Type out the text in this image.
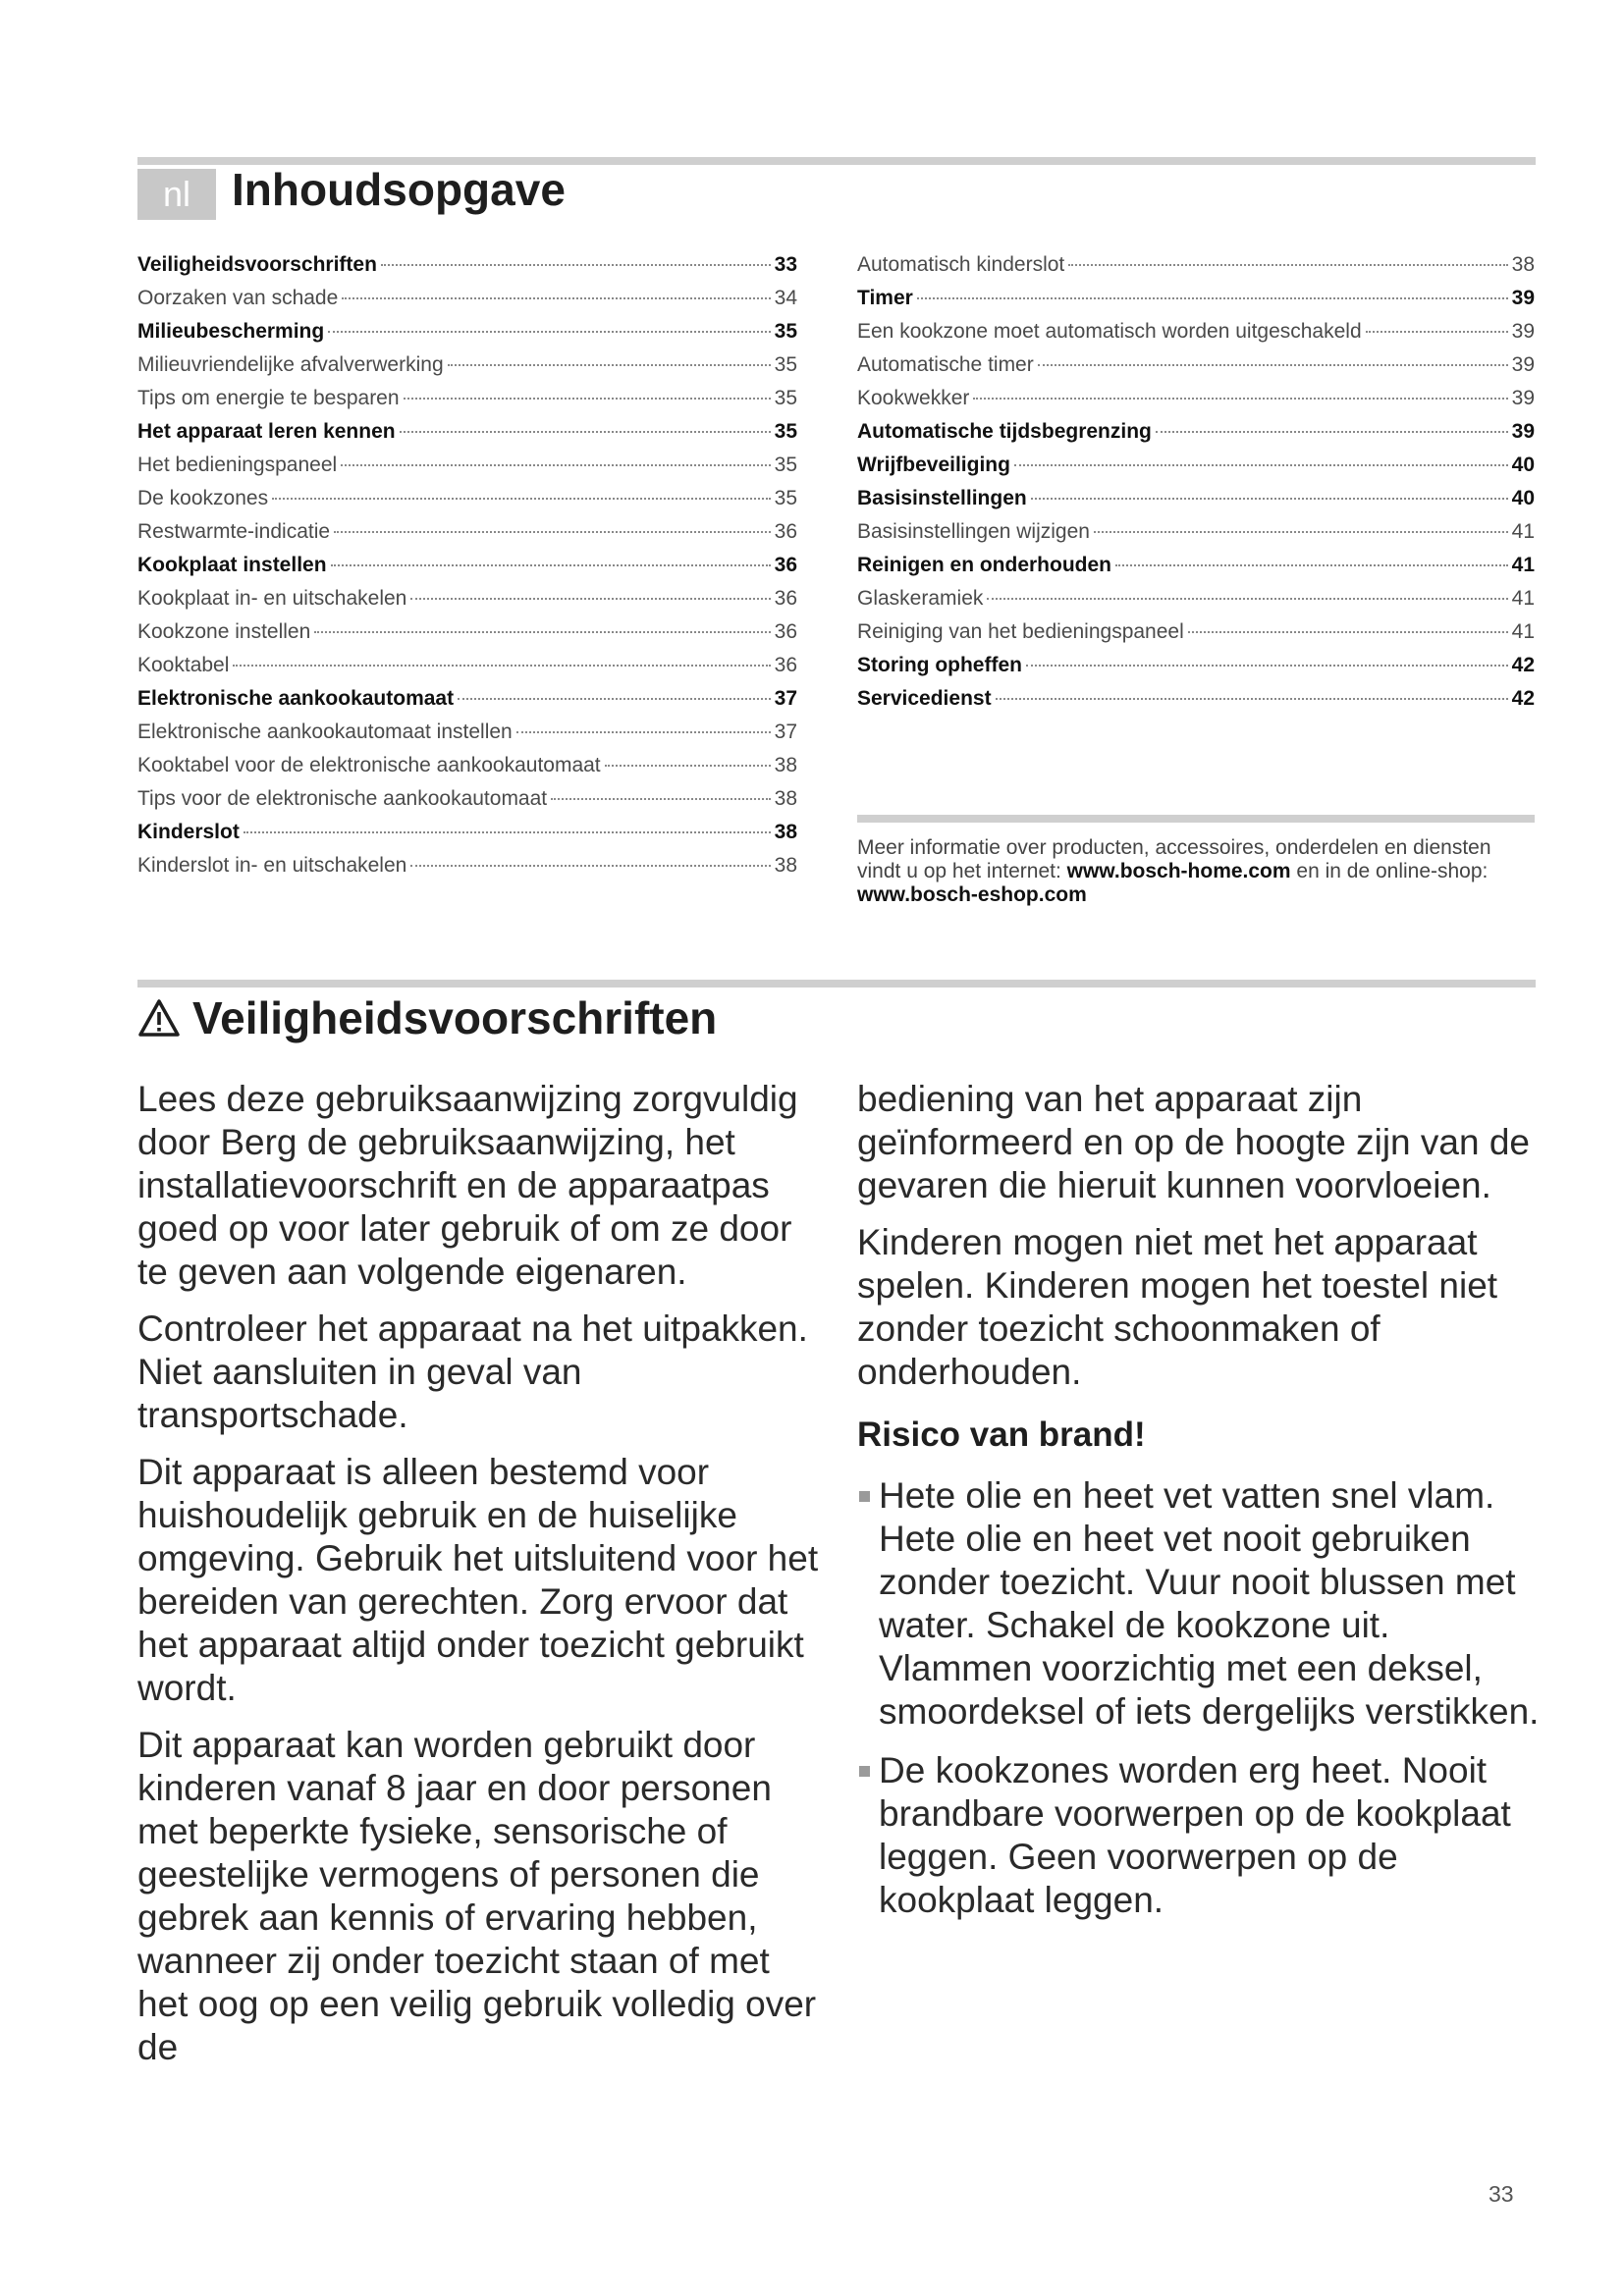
nl Inhoudsopgave
Veiligheidsvoorschriften	33
Oorzaken van schade	34
Milieubescherming	35
Milieuvriendelijke afvalverwerking	35
Tips om energie te besparen	35
Het apparaat leren kennen	35
Het bedieningspaneel	35
De kookzones	35
Restwarmte-indicatie	36
Kookplaat instellen	36
Kookplaat in- en uitschakelen	36
Kookzone instellen	36
Kooktabel	36
Elektronische aankookautomaat	37
Elektronische aankookautomaat instellen	37
Kooktabel voor de elektronische aankookautomaat	38
Tips voor de elektronische aankookautomaat	38
Kinderslot	38
Kinderslot in- en uitschakelen	38
Automatisch kinderslot	38
Timer	39
Een kookzone moet automatisch worden uitgeschakeld	39
Automatische timer	39
Kookwekker	39
Automatische tijdsbegrenzing	39
Wrijfbeveiliging	40
Basisinstellingen	40
Basisinstellingen wijzigen	41
Reinigen en onderhouden	41
Glaskeramiek	41
Reiniging van het bedieningspaneel	41
Storing opheffen	42
Servicedienst	42
Meer informatie over producten, accessoires, onderdelen en diensten vindt u op het internet: www.bosch-home.com en in de online-shop: www.bosch-eshop.com
Veiligheidsvoorschriften

Lees deze gebruiksaanwijzing zorgvuldig door Berg de gebruiksaanwijzing, het installatievoorschrift en de apparaatpas goed op voor later gebruik of om ze door te geven aan volgende eigenaren.

Controleer het apparaat na het uitpakken. Niet aansluiten in geval van transportschade.

Dit apparaat is alleen bestemd voor huishoudelijk gebruik en de huiselijke omgeving. Gebruik het uitsluitend voor het bereiden van gerechten. Zorg ervoor dat het apparaat altijd onder toezicht gebruikt wordt.

Dit apparaat kan worden gebruikt door kinderen vanaf 8 jaar en door personen met beperkte fysieke, sensorische of geestelijke vermogens of personen die gebrek aan kennis of ervaring hebben, wanneer zij onder toezicht staan of met het oog op een veilig gebruik volledig over de

bediening van het apparaat zijn geïnformeerd en op de hoogte zijn van de gevaren die hieruit kunnen voorvloeien.

Kinderen mogen niet met het apparaat spelen. Kinderen mogen het toestel niet zonder toezicht schoonmaken of onderhouden.

Risico van brand!
Hete olie en heet vet vatten snel vlam. Hete olie en heet vet nooit gebruiken zonder toezicht. Vuur nooit blussen met water. Schakel de kookzone uit. Vlammen voorzichtig met een deksel, smoordeksel of iets dergelijks verstikken.
De kookzones worden erg heet. Nooit brandbare voorwerpen op de kookplaat leggen. Geen voorwerpen op de kookplaat leggen.
33
